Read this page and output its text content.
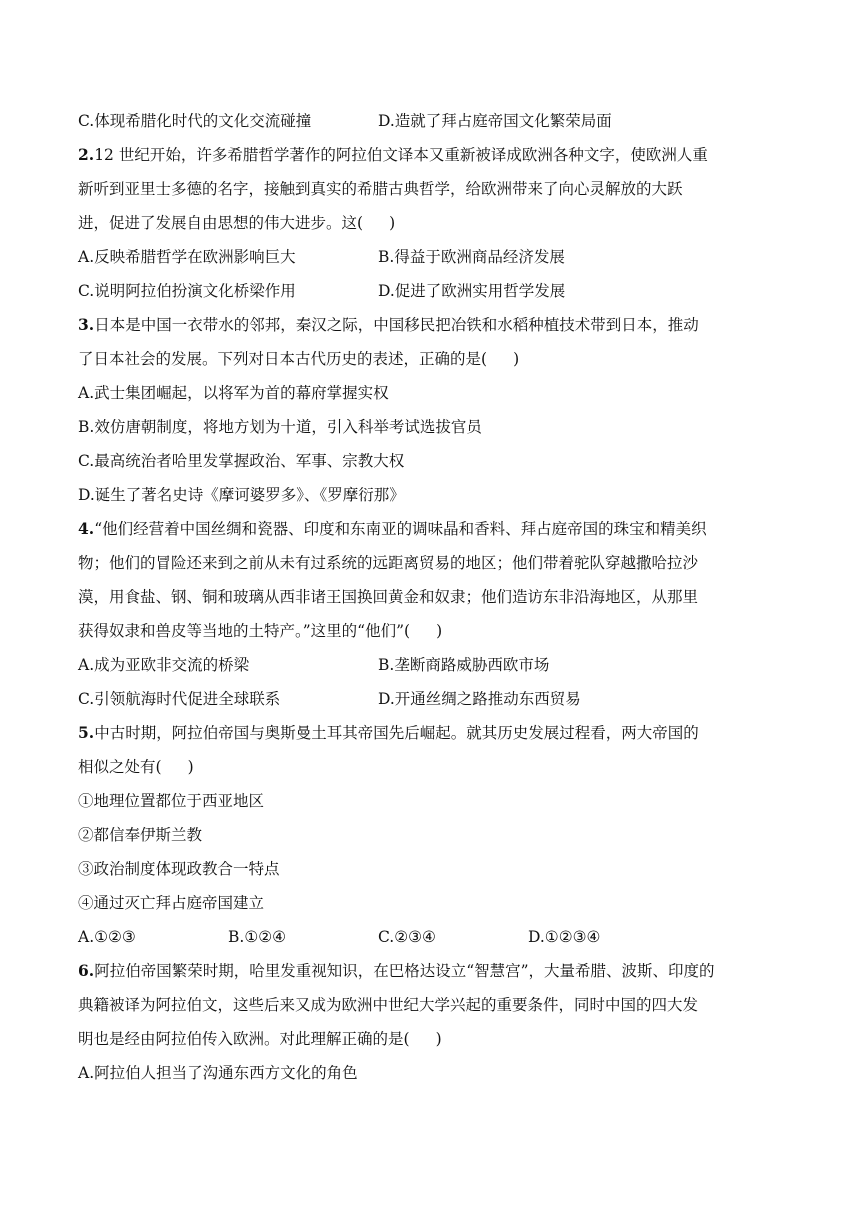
C.体现希腊化时代的文化交流碰撞	D.造就了拜占庭帝国文化繁荣局面
2.12 世纪开始，许多希腊哲学著作的阿拉伯文译本又重新被译成欧洲各种文字，使欧洲人重
新听到亚里士多德的名字，接触到真实的希腊古典哲学，给欧洲带来了向心灵解放的大跃
进，促进了发展自由思想的伟大进步。这( )
A.反映希腊哲学在欧洲影响巨大	B.得益于欧洲商品经济发展
C.说明阿拉伯扮演文化桥梁作用	D.促进了欧洲实用哲学发展
3.日本是中国一衣带水的邻邦，秦汉之际，中国移民把冶铁和水稻种植技术带到日本，推动
了日本社会的发展。下列对日本古代历史的表述，正确的是( )
A.武士集团崛起，以将军为首的幕府掌握实权
B.效仿唐朝制度，将地方划为十道，引入科举考试选拔官员
C.最高统治者哈里发掌握政治、军事、宗教大权
D.诞生了著名史诗《摩诃婆罗多》、《罗摩衍那》
4.“他们经营着中国丝绸和瓷器、印度和东南亚的调味晶和香料、拜占庭帝国的珠宝和精美织
物；他们的冒险还来到之前从未有过系统的远距离贸易的地区；他们带着驼队穿越撒哈拉沙
漠，用食盐、钢、铜和玻璃从西非诸王国换回黄金和奴隶；他们造访东非沿海地区，从那里
获得奴隶和兽皮等当地的土特产。”这里的“他们”( )
A.成为亚欧非交流的桥梁	B.垄断商路威胁西欧市场
C.引领航海时代促进全球联系	D.开通丝绸之路推动东西贸易
5.中古时期，阿拉伯帝国与奥斯曼土耳其帝国先后崛起。就其历史发展过程看，两大帝国的
相似之处有( )
①地理位置都位于西亚地区
②都信奉伊斯兰教
③政治制度体现政教合一特点
④通过灭亡拜占庭帝国建立
A.①②③	B.①②④	C.②③④	D.①②③④
6.阿拉伯帝国繁荣时期，哈里发重视知识，在巴格达设立“智慧宫”，大量希腊、波斯、印度的
典籍被译为阿拉伯文，这些后来又成为欧洲中世纪大学兴起的重要条件，同时中国的四大发
明也是经由阿拉伯传入欧洲。对此理解正确的是( )
A.阿拉伯人担当了沟通东西方文化的角色
